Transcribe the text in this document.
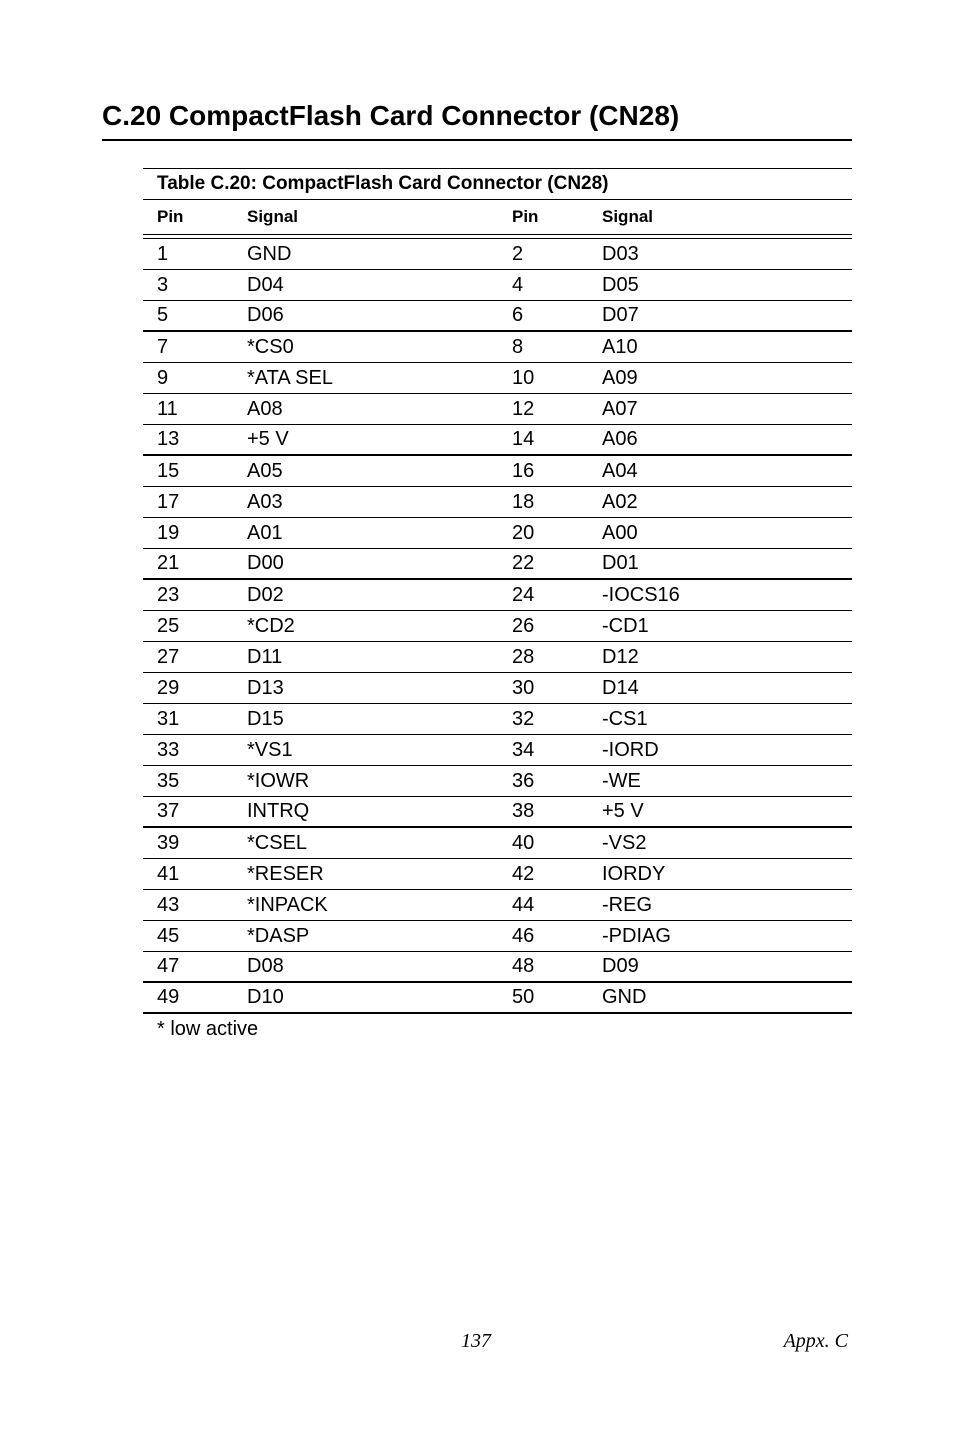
C.20 CompactFlash Card Connector (CN28)
Table C.20: CompactFlash Card Connector (CN28)
Pin	Signal	Pin	Signal
1	GND	2	D03
3	D04	4	D05
5	D06	6	D07
7	*CS0	8	A10
9	*ATA SEL	10	A09
11	A08	12	A07
13	+5 V	14	A06
15	A05	16	A04
17	A03	18	A02
19	A01	20	A00
21	D00	22	D01
23	D02	24	-IOCS16
25	*CD2	26	-CD1
27	D11	28	D12
29	D13	30	D14
31	D15	32	-CS1
33	*VS1	34	-IORD
35	*IOWR	36	-WE
37	INTRQ	38	+5 V
39	*CSEL	40	-VS2
41	*RESER	42	IORDY
43	*INPACK	44	-REG
45	*DASP	46	-PDIAG
47	D08	48	D09
49	D10	50	GND
* low active
137	Appx. C
